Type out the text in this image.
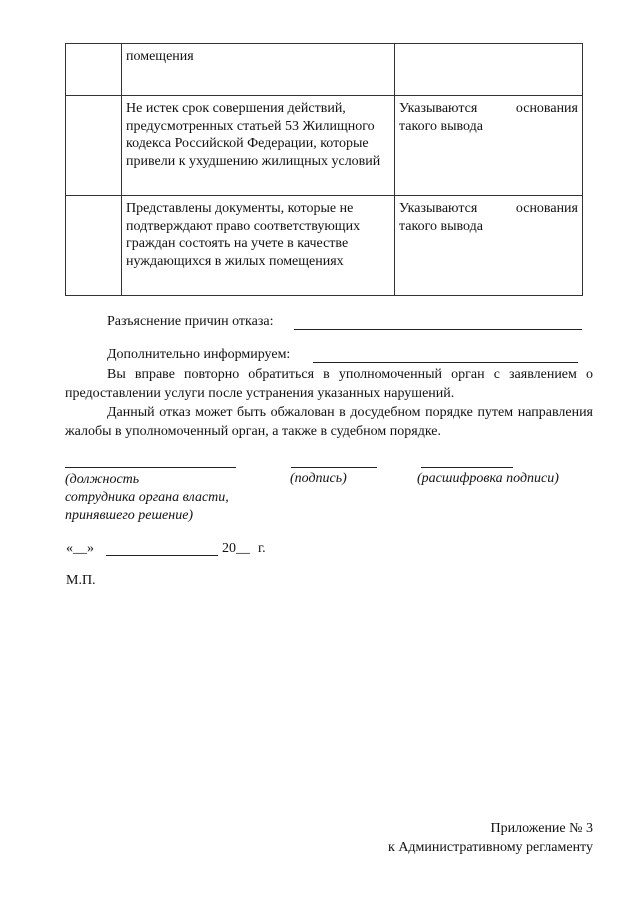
	помещения	
	Не истек срок совершения действий, предусмотренных статьей 53 Жилищного кодекса Российской Федерации, которые привели к ухудшению жилищных условий	Указываются основания
такого вывода

	Представлены документы, которые не подтверждают право соответствующих граждан состоять на учете в качестве нуждающихся в жилых помещениях	Указываются основания
такого вывода
Разъяснение причин отказа:
Дополнительно информируем:
Вы вправе повторно обратиться в уполномоченный орган с заявлением о предоставлении услуги после устранения указанных нарушений.
Данный отказ может быть обжалован в досудебном порядке путем направления жалобы в уполномоченный орган, а также в судебном порядке.
(должность
сотрудника органа власти,
принявшего решение)
(подпись)	(расшифровка подписи)
«__»	20__ г.
М.П.
Приложение № 3
к Административному регламенту
